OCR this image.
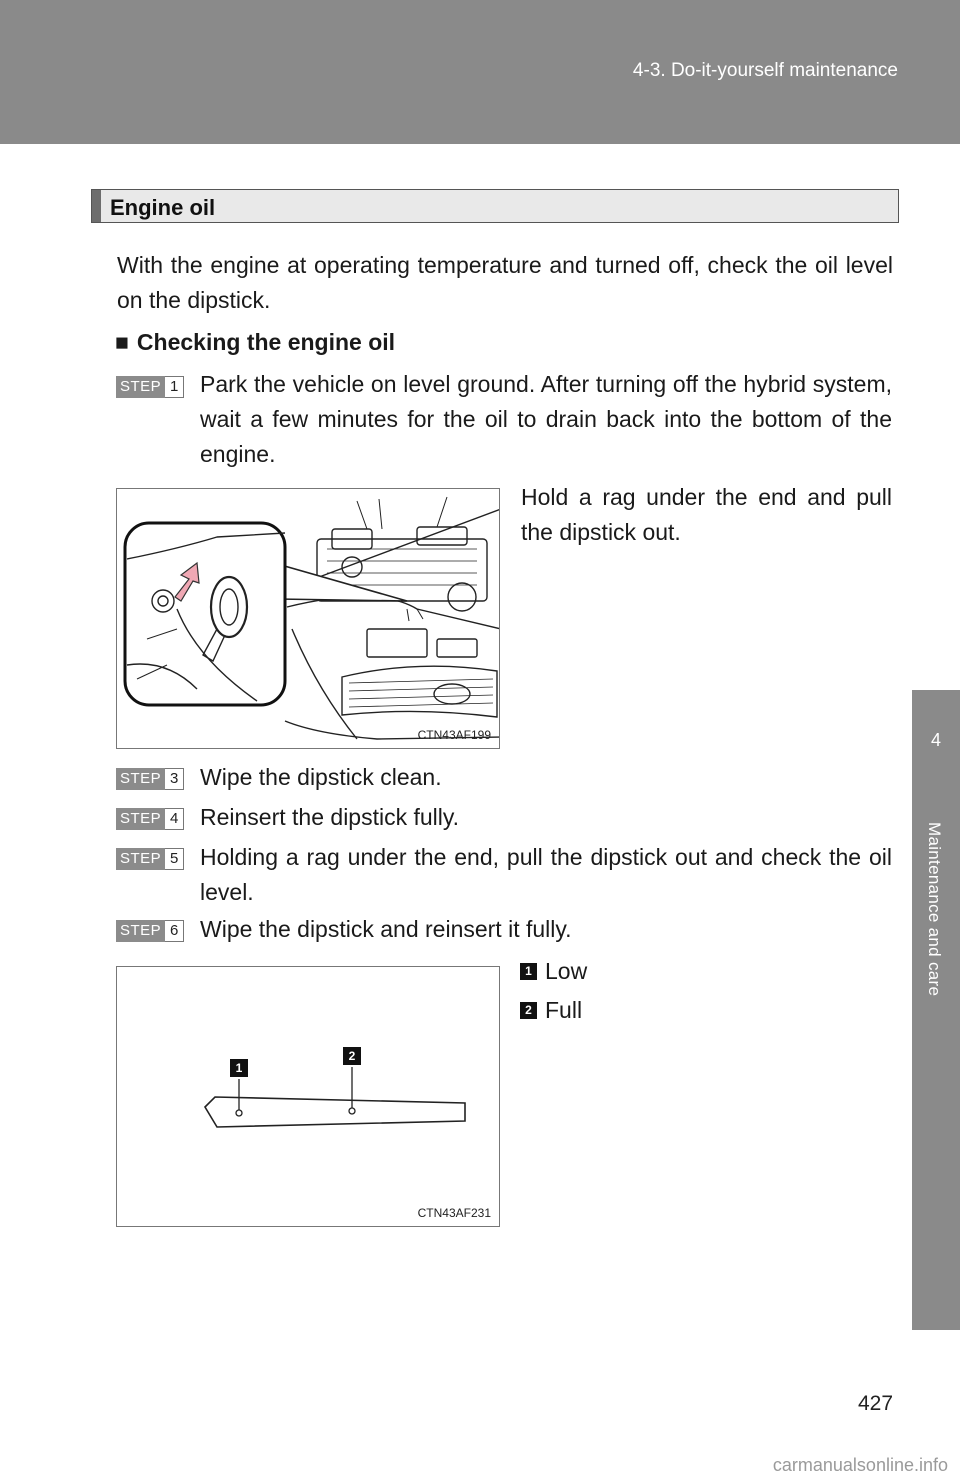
4-3. Do-it-yourself maintenance
4
Maintenance and care
Engine oil
With the engine at operating temperature and turned off, check the oil level on the dipstick.
■ Checking the engine oil
STEP 1 Park the vehicle on level ground. After turning off the hybrid system, wait a few minutes for the oil to drain back into the bottom of the engine.
Hold a rag under the end and pull the dipstick out.
CTN43AF199
STEP 3 Wipe the dipstick clean.
STEP 4 Reinsert the dipstick fully.
STEP 5 Holding a rag under the end, pull the dipstick out and check the oil level.
STEP 6 Wipe the dipstick and reinsert it fully.
1
2
CTN43AF231
1 Low
2 Full
427
carmanualsonline.info
